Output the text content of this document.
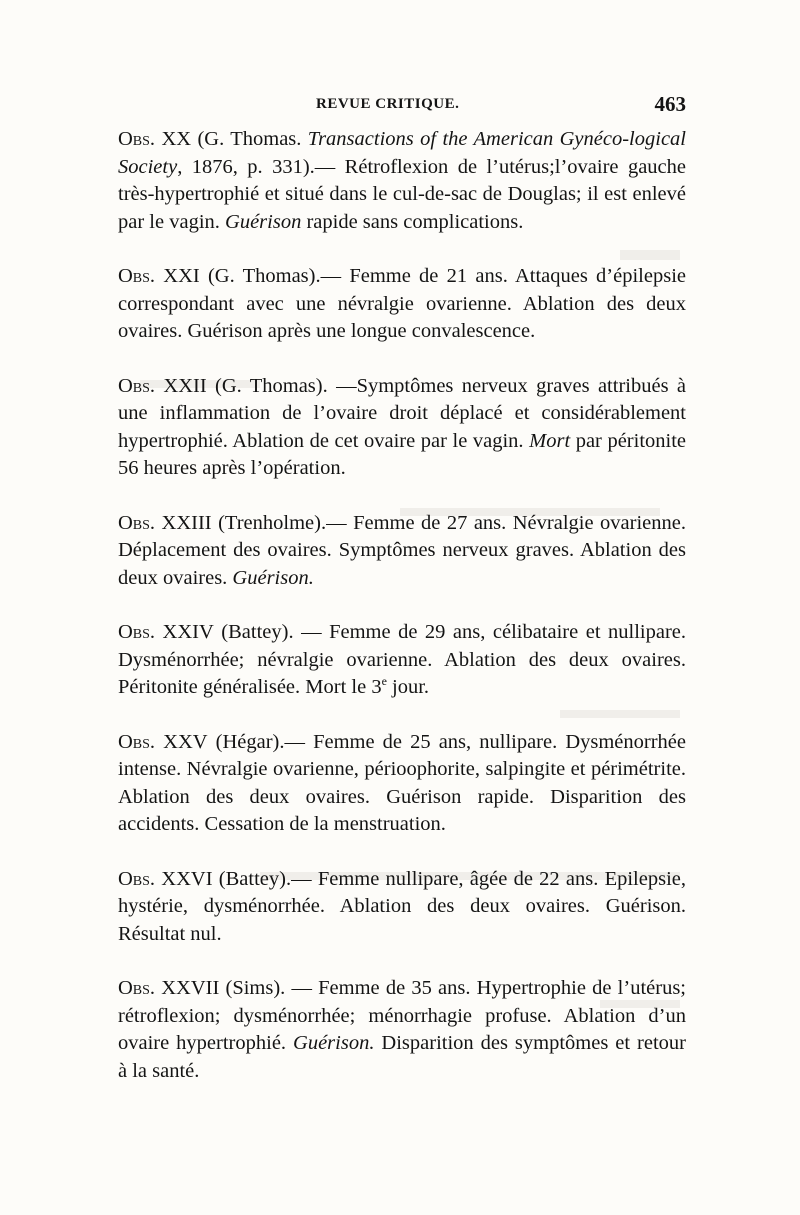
REVUE CRITIQUE.	463

Obs. XX (G. Thomas. Transactions of the American Gynéco-logical Society, 1876, p. 331).— Rétroflexion de l’utérus;l’ovaire gauche très-hypertrophié et situé dans le cul-de-sac de Douglas; il est enlevé par le vagin. Guérison rapide sans complications.

Obs. XXI (G. Thomas).— Femme de 21 ans. Attaques d’épilepsie correspondant avec une névralgie ovarienne. Ablation des deux ovaires. Guérison après une longue convalescence.

Obs. XXII (G. Thomas). —Symptômes nerveux graves attribués à une inflammation de l’ovaire droit déplacé et considérablement hypertrophié. Ablation de cet ovaire par le vagin. Mort par péritonite 56 heures après l’opération.

Obs. XXIII (Trenholme).— Femme de 27 ans. Névralgie ovarienne. Déplacement des ovaires. Symptômes nerveux graves. Ablation des deux ovaires. Guérison.

Obs. XXIV (Battey). — Femme de 29 ans, célibataire et nullipare. Dysménorrhée; névralgie ovarienne. Ablation des deux ovaires. Péritonite généralisée. Mort le 3e jour.

Obs. XXV (Hégar).— Femme de 25 ans, nullipare. Dysménorrhée intense. Névralgie ovarienne, périoophorite, salpingite et périmétrite. Ablation des deux ovaires. Guérison rapide. Disparition des accidents. Cessation de la menstruation.

Obs. XXVI (Battey).— Femme nullipare, âgée de 22 ans. Epilepsie, hystérie, dysménorrhée. Ablation des deux ovaires. Guérison. Résultat nul.

Obs. XXVII (Sims). — Femme de 35 ans. Hypertrophie de l’utérus; rétroflexion; dysménorrhée; ménorrhagie profuse. Ablation d’un ovaire hypertrophié. Guérison. Disparition des symptômes et retour à la santé.
